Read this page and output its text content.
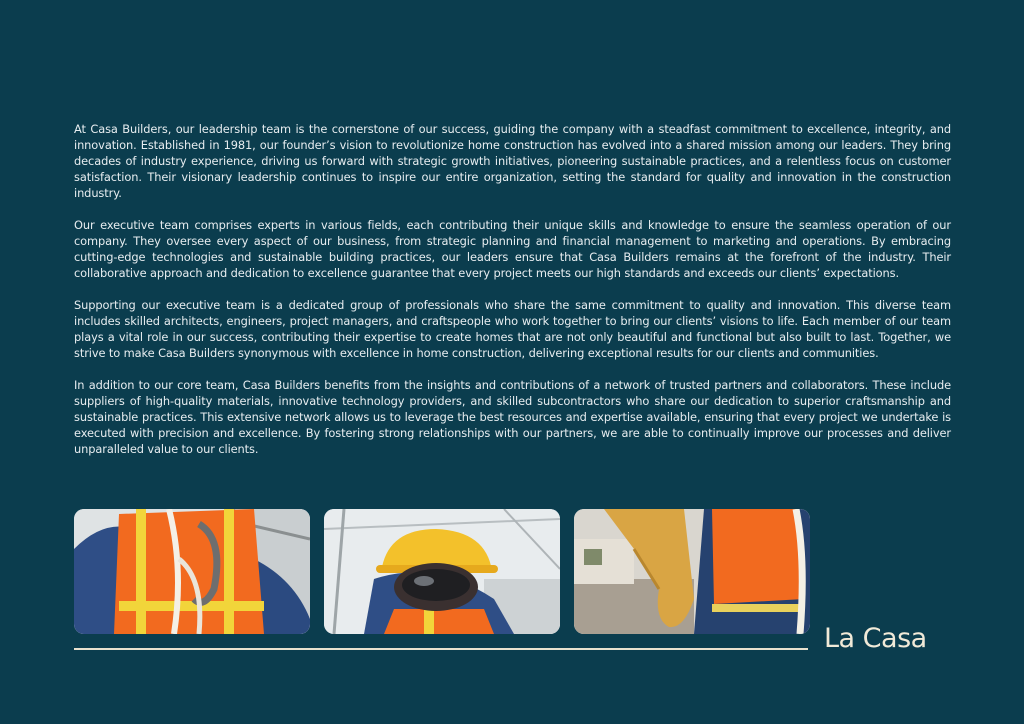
At Casa Builders, our leadership team is the cornerstone of our success, guiding the company with a steadfast commitment to excellence, integrity, and innovation. Established in 1981, our founder’s vision to revolutionize home construction has evolved into a shared mission among our leaders. They bring decades of industry experience, driving us forward with strategic growth initiatives, pioneering sustainable practices, and a relentless focus on customer satisfaction. Their visionary leadership continues to inspire our entire organization, setting the standard for quality and innovation in the construction industry.

Our executive team comprises experts in various fields, each contributing their unique skills and knowledge to ensure the seamless operation of our company. They oversee every aspect of our business, from strategic planning and financial management to marketing and operations. By embracing cutting-edge technologies and sustainable building practices, our leaders ensure that Casa Builders remains at the forefront of the industry. Their collaborative approach and dedication to excellence guarantee that every project meets our high standards and exceeds our clients’ expectations.

Supporting our executive team is a dedicated group of professionals who share the same commitment to quality and innovation. This diverse team includes skilled architects, engineers, project managers, and craftspeople who work together to bring our clients’ visions to life. Each member of our team plays a vital role in our success, contributing their expertise to create homes that are not only beautiful and functional but also built to last. Together, we strive to make Casa Builders synonymous with excellence in home construction, delivering exceptional results for our clients and communities.

In addition to our core team, Casa Builders benefits from the insights and contributions of a network of trusted partners and collaborators. These include suppliers of high-quality materials, innovative technology providers, and skilled subcontractors who share our dedication to superior craftsmanship and sustainable practices. This extensive network allows us to leverage the best resources and expertise available, ensuring that every project we undertake is executed with precision and excellence. By fostering strong relationships with our partners, we are able to continually improve our processes and deliver unparalleled value to our clients.

La Casa
